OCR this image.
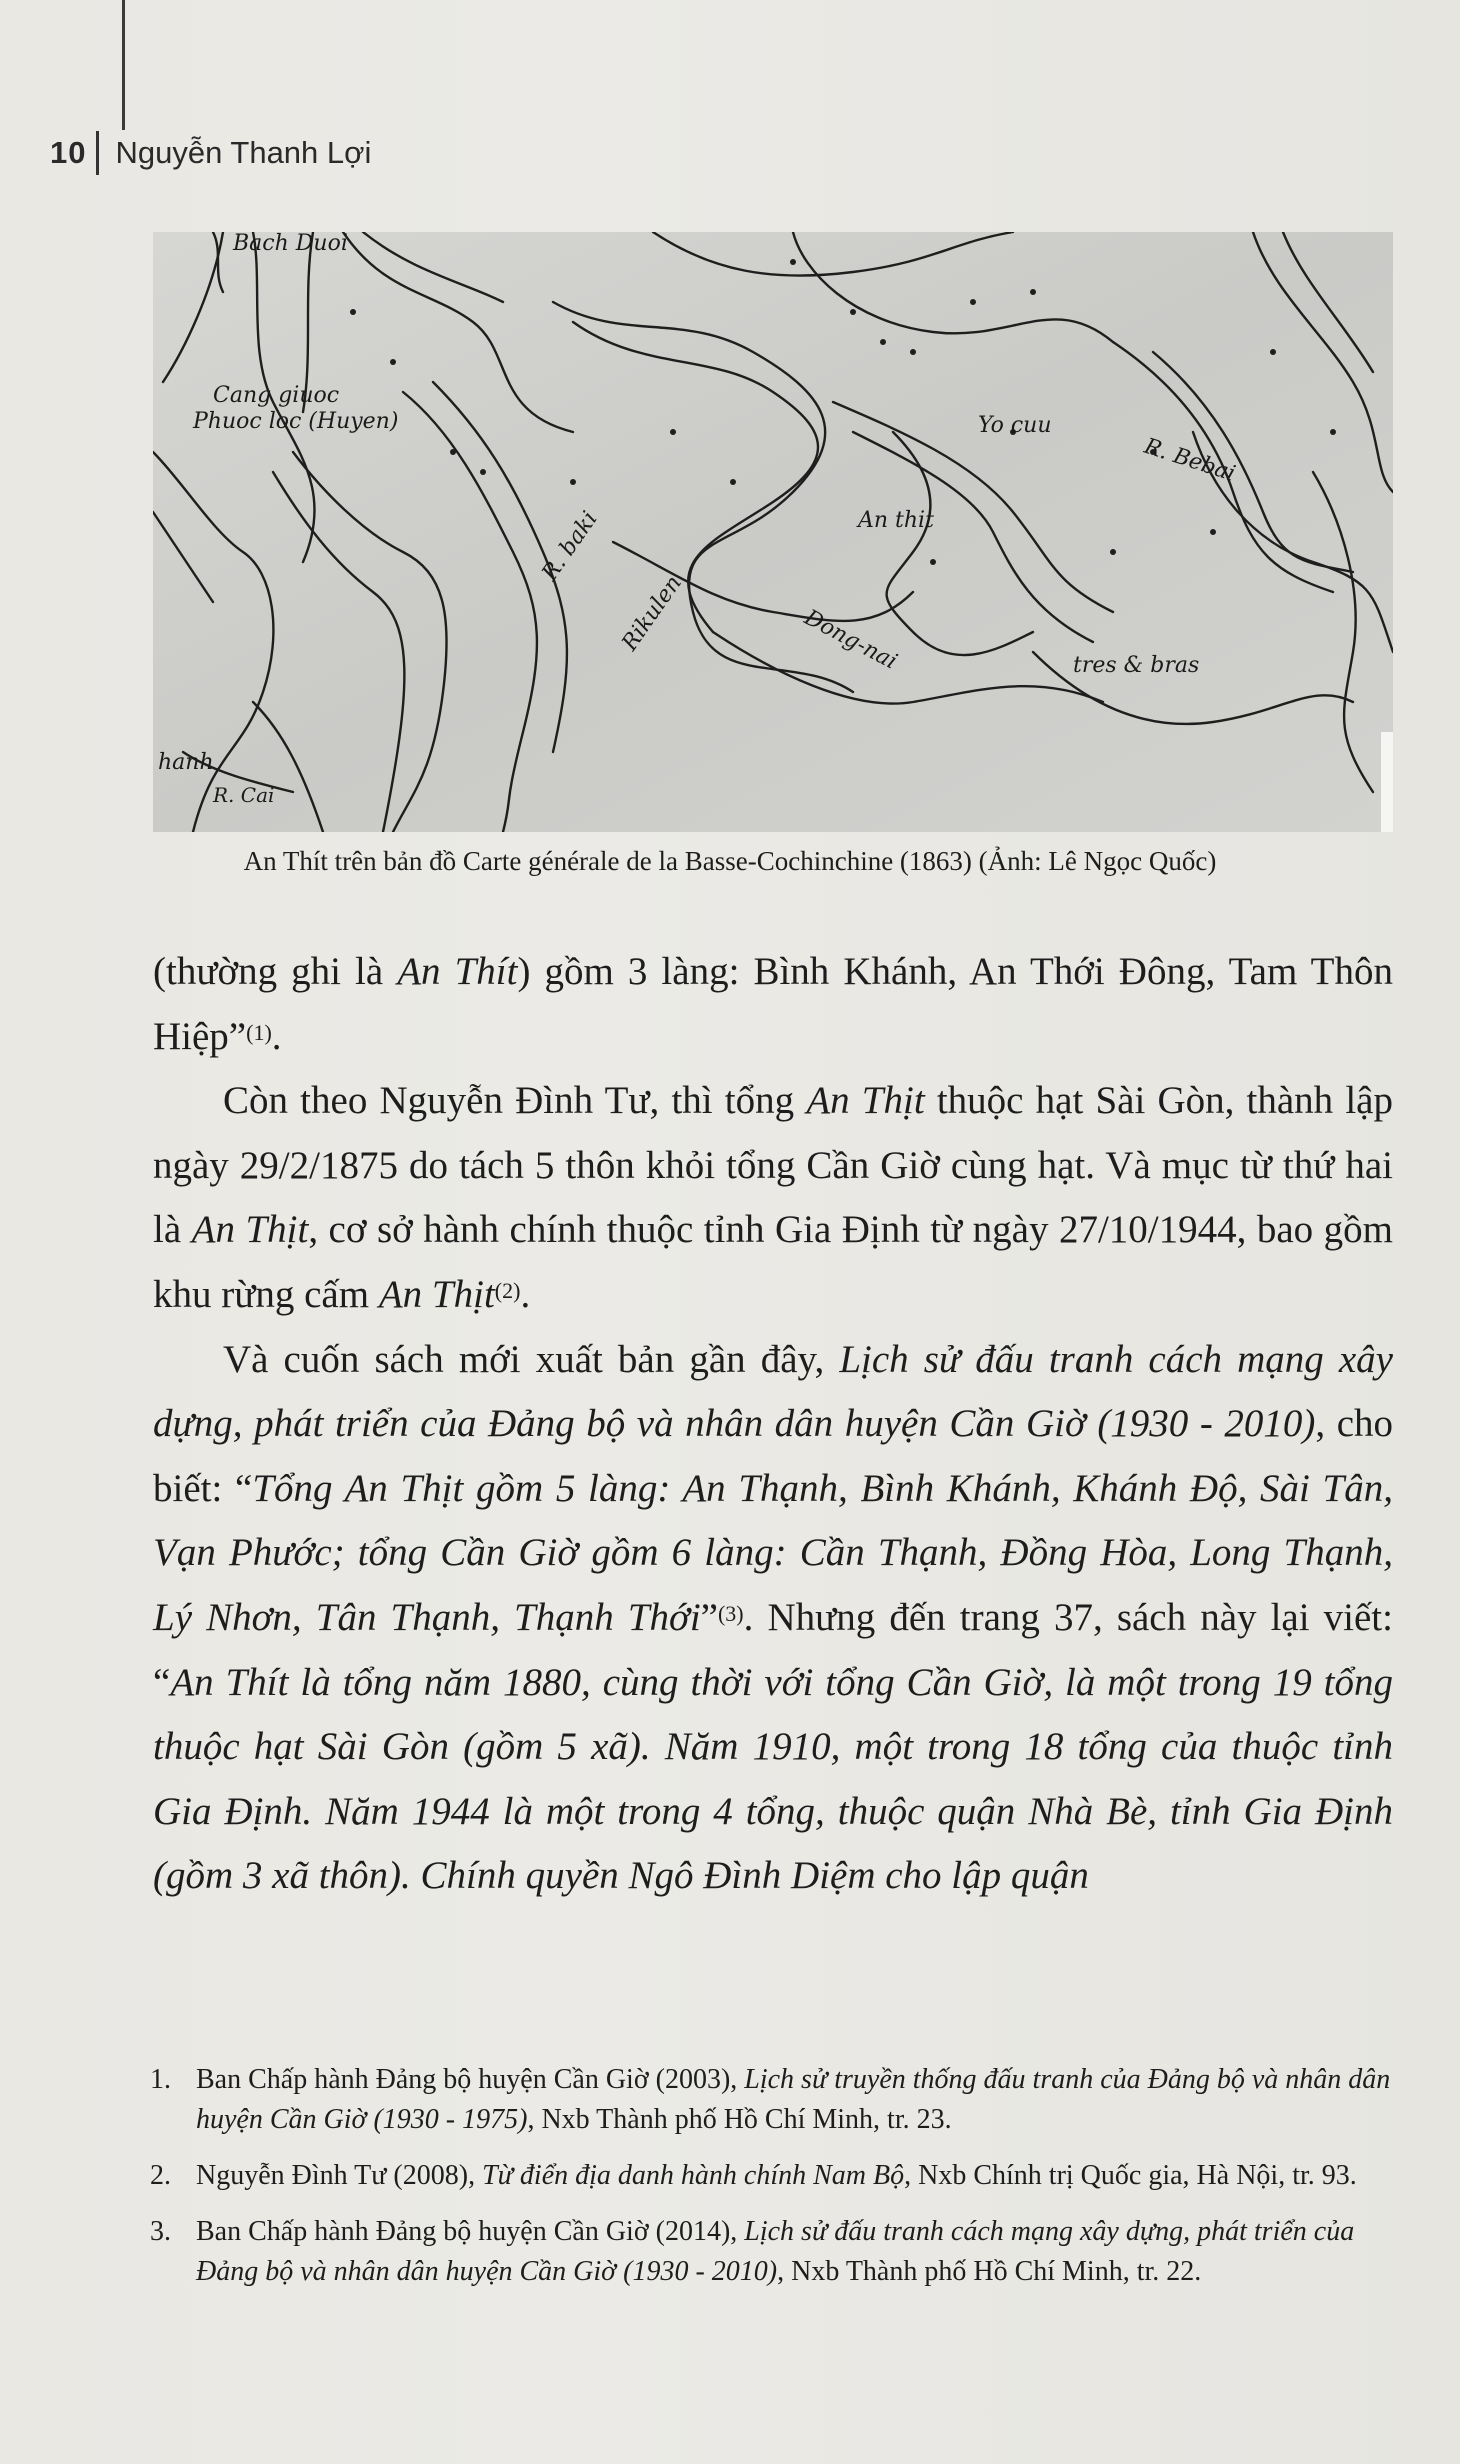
10 Nguyễn Thanh Lợi
Bach Duoi
Cang giuoc
Phuoc loc (Huyen)	Yo cuu
An thit
R. Bebai
Dong-nai	tres & bras
R. baki
Rikulen
hanh
R. Cai
An Thít trên bản đồ Carte générale de la Basse-Cochinchine (1863) (Ảnh: Lê Ngọc Quốc)

(thường ghi là An Thít) gồm 3 làng: Bình Khánh, An Thới Đông, Tam Thôn Hiệp”$^{(1)}$.

Còn theo Nguyễn Đình Tư, thì tổng An Thịt thuộc hạt Sài Gòn, thành lập ngày 29/2/1875 do tách 5 thôn khỏi tổng Cần Giờ cùng hạt. Và mục từ thứ hai là An Thịt, cơ sở hành chính thuộc tỉnh Gia Định từ ngày 27/10/1944, bao gồm khu rừng cấm An Thịt$^{(2)}$.

Và cuốn sách mới xuất bản gần đây, Lịch sử đấu tranh cách mạng xây dựng, phát triển của Đảng bộ và nhân dân huyện Cần Giờ (1930 - 2010), cho biết: “Tổng An Thịt gồm 5 làng: An Thạnh, Bình Khánh, Khánh Độ, Sài Tân, Vạn Phước; tổng Cần Giờ gồm 6 làng: Cần Thạnh, Đồng Hòa, Long Thạnh, Lý Nhơn, Tân Thạnh, Thạnh Thới”$^{(3)}$. Nhưng đến trang 37, sách này lại viết: “An Thít là tổng năm 1880, cùng thời với tổng Cần Giờ, là một trong 19 tổng thuộc hạt Sài Gòn (gồm 5 xã). Năm 1910, một trong 18 tổng của thuộc tỉnh Gia Định. Năm 1944 là một trong 4 tổng, thuộc quận Nhà Bè, tỉnh Gia Định (gồm 3 xã thôn). Chính quyền Ngô Đình Diệm cho lập quận

1. Ban Chấp hành Đảng bộ huyện Cần Giờ (2003), Lịch sử truyền thống đấu tranh của Đảng bộ và nhân dân huyện Cần Giờ (1930 - 1975), Nxb Thành phố Hồ Chí Minh, tr. 23.
2. Nguyễn Đình Tư (2008), Từ điển địa danh hành chính Nam Bộ, Nxb Chính trị Quốc gia, Hà Nội, tr. 93.
3. Ban Chấp hành Đảng bộ huyện Cần Giờ (2014), Lịch sử đấu tranh cách mạng xây dựng, phát triển của Đảng bộ và nhân dân huyện Cần Giờ (1930 - 2010), Nxb Thành phố Hồ Chí Minh, tr. 22.
